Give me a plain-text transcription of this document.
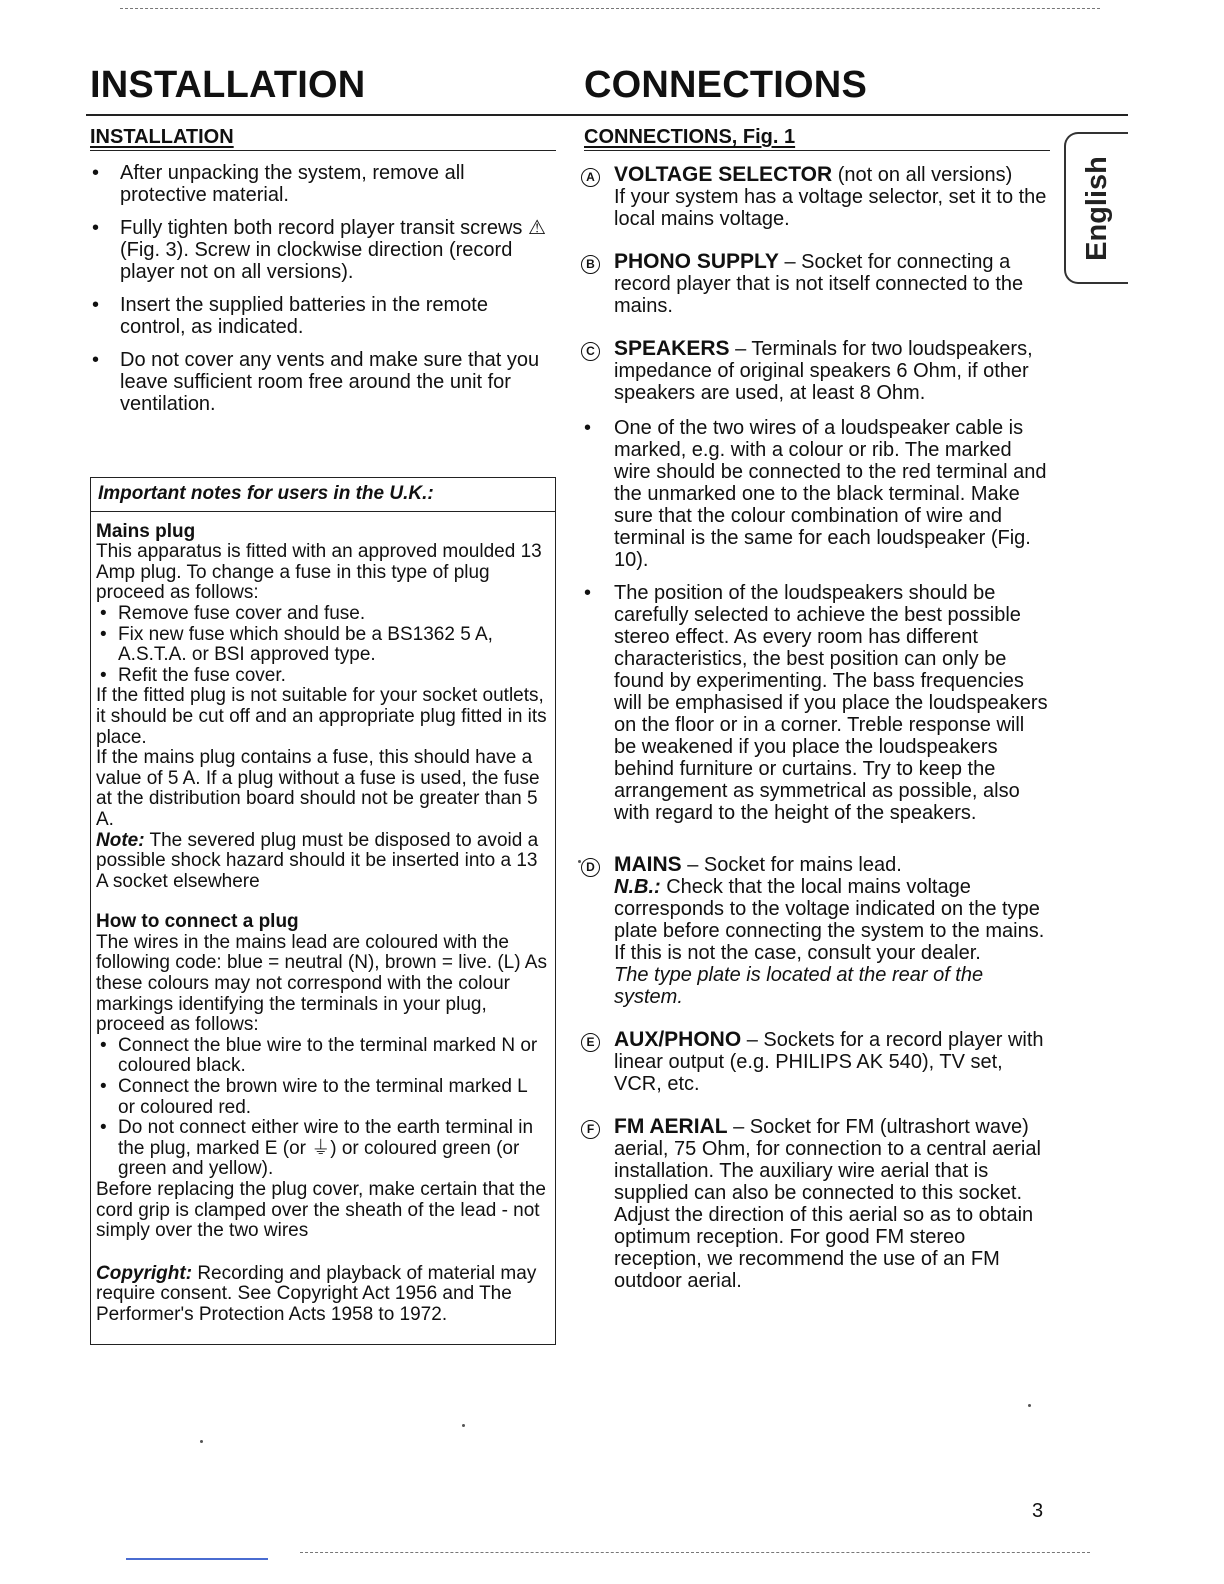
INSTALLATION	CONNECTIONS
INSTALLATION	CONNECTIONS, Fig. 1
• After unpacking the system, remove all protective material.
• Fully tighten both record player transit screws ⚠ (Fig. 3). Screw in clockwise direction (record player not on all versions).
• Insert the supplied batteries in the remote control, as indicated.
• Do not cover any vents and make sure that you leave sufficient room free around the unit for ventilation.
Important notes for users in the U.K.:
Mains plug

This apparatus is fitted with an approved moulded 13 Amp plug. To change a fuse in this type of plug proceed as follows:

• Remove fuse cover and fuse.
• Fix new fuse which should be a BS1362 5 A, A.S.T.A. or BSI approved type.
• Refit the fuse cover.

If the fitted plug is not suitable for your socket outlets, it should be cut off and an appropriate plug fitted in its place.

If the mains plug contains a fuse, this should have a value of 5 A. If a plug without a fuse is used, the fuse at the distribution board should not be greater than 5 A.

Note: The severed plug must be disposed to avoid a possible shock hazard should it be inserted into a 13 A socket elsewhere

How to connect a plug

The wires in the mains lead are coloured with the following code: blue = neutral (N), brown = live. (L) As these colours may not correspond with the colour markings identifying the terminals in your plug, proceed as follows:

• Connect the blue wire to the terminal marked N or coloured black.
• Connect the brown wire to the terminal marked L or coloured red.
• Do not connect either wire to the earth terminal in the plug, marked E (or ⏚) or coloured green (or green and yellow).

Before replacing the plug cover, make certain that the cord grip is clamped over the sheath of the lead - not simply over the two wires

Copyright: Recording and playback of material may require consent. See Copyright Act 1956 and The Performer's Protection Acts 1958 to 1972.

A VOLTAGE SELECTOR (not on all versions)

If your system has a voltage selector, set it to the local mains voltage.

B PHONO SUPPLY – Socket for connecting a record player that is not itself connected to the mains.

C SPEAKERS – Terminals for two loudspeakers, impedance of original speakers 6 Ohm, if other speakers are used, at least 8 Ohm.

• One of the two wires of a loudspeaker cable is marked, e.g. with a colour or rib. The marked wire should be connected to the red terminal and the unmarked one to the black terminal. Make sure that the colour combination of wire and terminal is the same for each loudspeaker (Fig. 10).
• The position of the loudspeakers should be carefully selected to achieve the best possible stereo effect. As every room has different characteristics, the best position can only be found by experimenting. The bass frequencies will be emphasised if you place the loudspeakers on the floor or in a corner. Treble response will be weakened if you place the loudspeakers behind furniture or curtains. Try to keep the arrangement as symmetrical as possible, also with regard to the height of the speakers.
D MAINS – Socket for mains lead.

N.B.: Check that the local mains voltage corresponds to the voltage indicated on the type plate before connecting the system to the mains. If this is not the case, consult your dealer.

The type plate is located at the rear of the system.

E AUX/PHONO – Sockets for a record player with linear output (e.g. PHILIPS AK 540), TV set, VCR, etc.

F FM AERIAL – Socket for FM (ultrashort wave) aerial, 75 Ohm, for connection to a central aerial installation. The auxiliary wire aerial that is supplied can also be connected to this socket. Adjust the direction of this aerial so as to obtain optimum reception. For good FM stereo reception, we recommend the use of an FM outdoor aerial.

English
3
